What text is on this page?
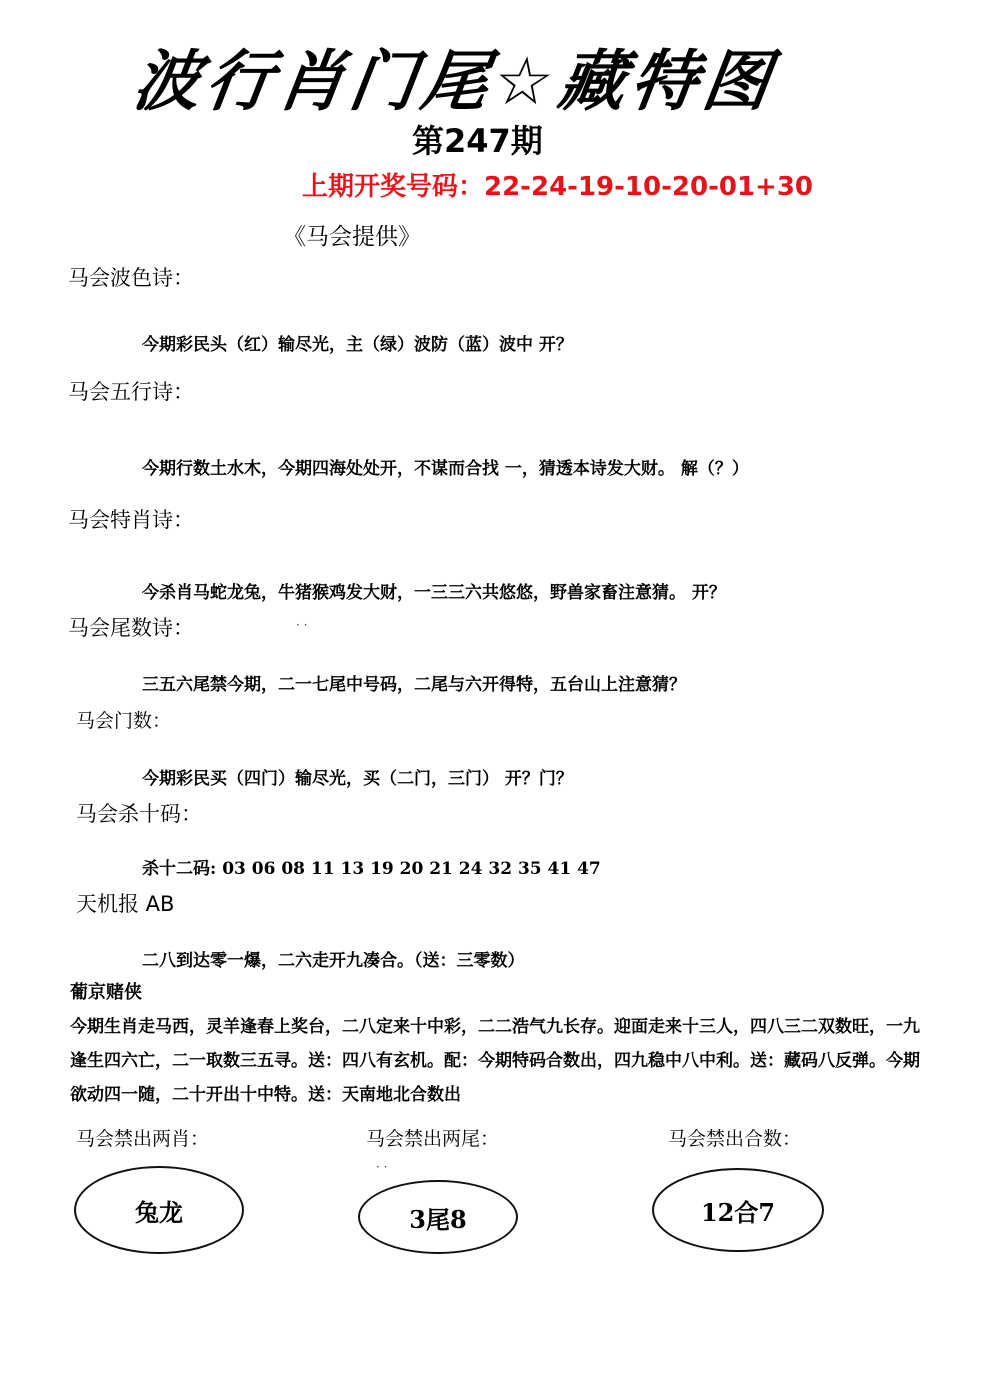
波行肖门尾☆藏特图
第247期
上期开奖号码：22-24-19-10-20-01+30
《马会提供》
马会波色诗：
今期彩民头（红）输尽光，主（绿）波防（蓝）波中 开？
马会五行诗：
今期行数土水木，今期四海处处开，不谋而合找 一，猜透本诗发大财。 解（？）
马会特肖诗：
今杀肖马蛇龙兔，牛猪猴鸡发大财，一三三六共悠悠，野兽家畜注意猜。 开？
马会尾数诗：	· ·
三五六尾禁今期，二一七尾中号码，二尾与六开得特，五台山上注意猜？
马会门数：
今期彩民买（四门）输尽光，买（二门，三门） 开？门？
马会杀十码：
杀十二码: 03 06 08 11 13 19 20 21 24 32 35 41 47
天机报 AB
二八到达零一爆，二六走开九凑合。（送：三零数）
葡京赌侠
今期生肖走马西，灵羊逢春上奖台，二八定来十中彩，二二浩气九长存。迎面走来十三人，四八三二双数旺，一九逢生四六亡，二一取数三五寻。送：四八有玄机。配：今期特码合数出，四九稳中八中利。送：藏码八反弹。今期欲动四一随，二十开出十中特。送：天南地北合数出
马会禁出两肖：	马会禁出两尾：	马会禁出合数：
· ·
兔龙	3尾8	12合7
